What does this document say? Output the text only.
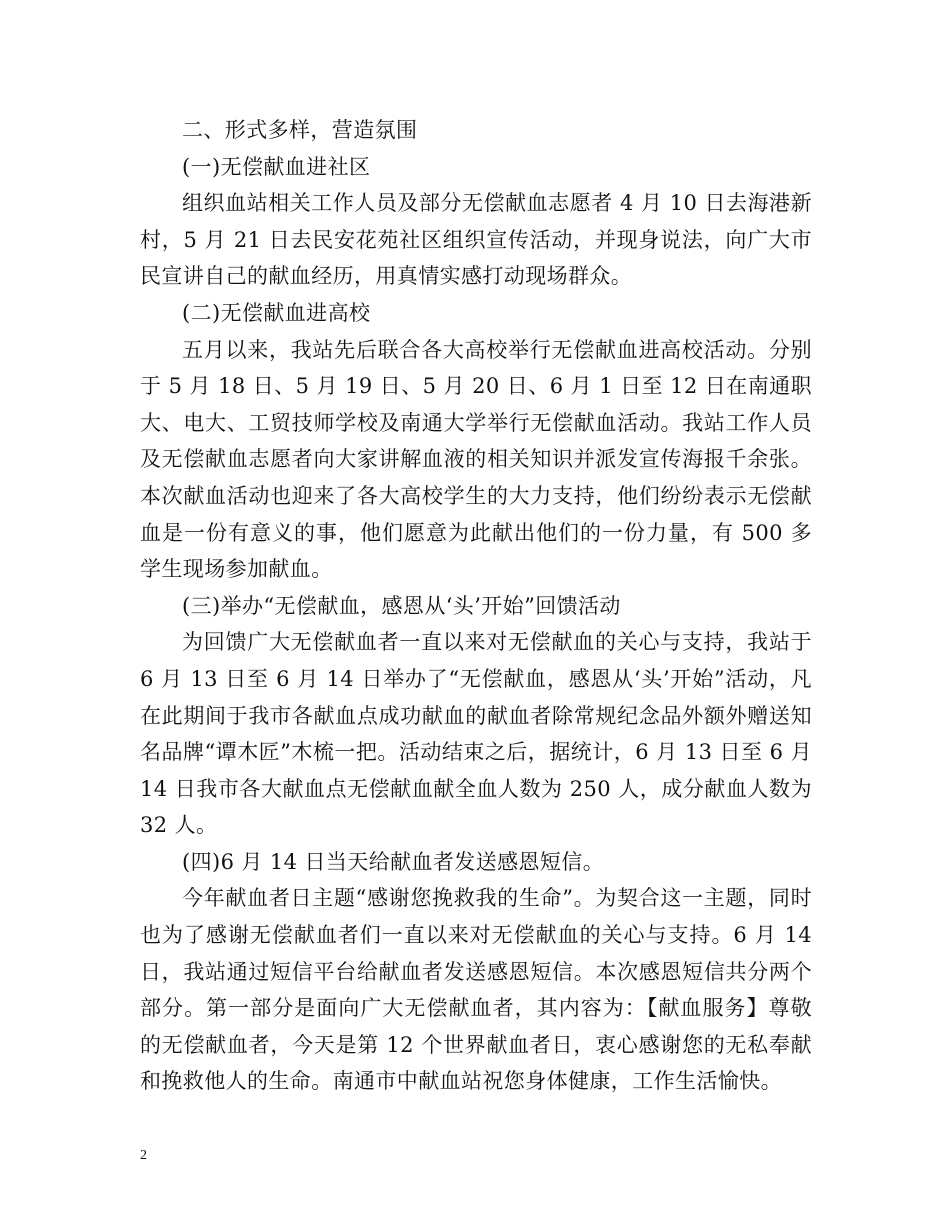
二、形式多样，营造氛围

(一)无偿献血进社区

组织血站相关工作人员及部分无偿献血志愿者 4 月 10 日去海港新村，5 月 21 日去民安花苑社区组织宣传活动，并现身说法，向广大市民宣讲自己的献血经历，用真情实感打动现场群众。

(二)无偿献血进高校

五月以来，我站先后联合各大高校举行无偿献血进高校活动。分别于 5 月 18 日、5 月 19 日、5 月 20 日、6 月 1 日至 12 日在南通职大、电大、工贸技师学校及南通大学举行无偿献血活动。我站工作人员及无偿献血志愿者向大家讲解血液的相关知识并派发宣传海报千余张。本次献血活动也迎来了各大高校学生的大力支持，他们纷纷表示无偿献血是一份有意义的事，他们愿意为此献出他们的一份力量，有 500 多学生现场参加献血。

(三)举办“无偿献血，感恩从‘头’开始”回馈活动

为回馈广大无偿献血者一直以来对无偿献血的关心与支持，我站于 6 月 13 日至 6 月 14 日举办了“无偿献血，感恩从‘头’开始”活动，凡在此期间于我市各献血点成功献血的献血者除常规纪念品外额外赠送知名品牌“谭木匠”木梳一把。活动结束之后，据统计，6 月 13 日至 6 月 14 日我市各大献血点无偿献血献全血人数为 250 人，成分献血人数为 32 人。

(四)6 月 14 日当天给献血者发送感恩短信。

今年献血者日主题“感谢您挽救我的生命”。为契合这一主题，同时也为了感谢无偿献血者们一直以来对无偿献血的关心与支持。6 月 14 日，我站通过短信平台给献血者发送感恩短信。本次感恩短信共分两个部分。第一部分是面向广大无偿献血者，其内容为：【献血服务】尊敬的无偿献血者，今天是第 12 个世界献血者日，衷心感谢您的无私奉献和挽救他人的生命。南通市中献血站祝您身体健康，工作生活愉快。

2
